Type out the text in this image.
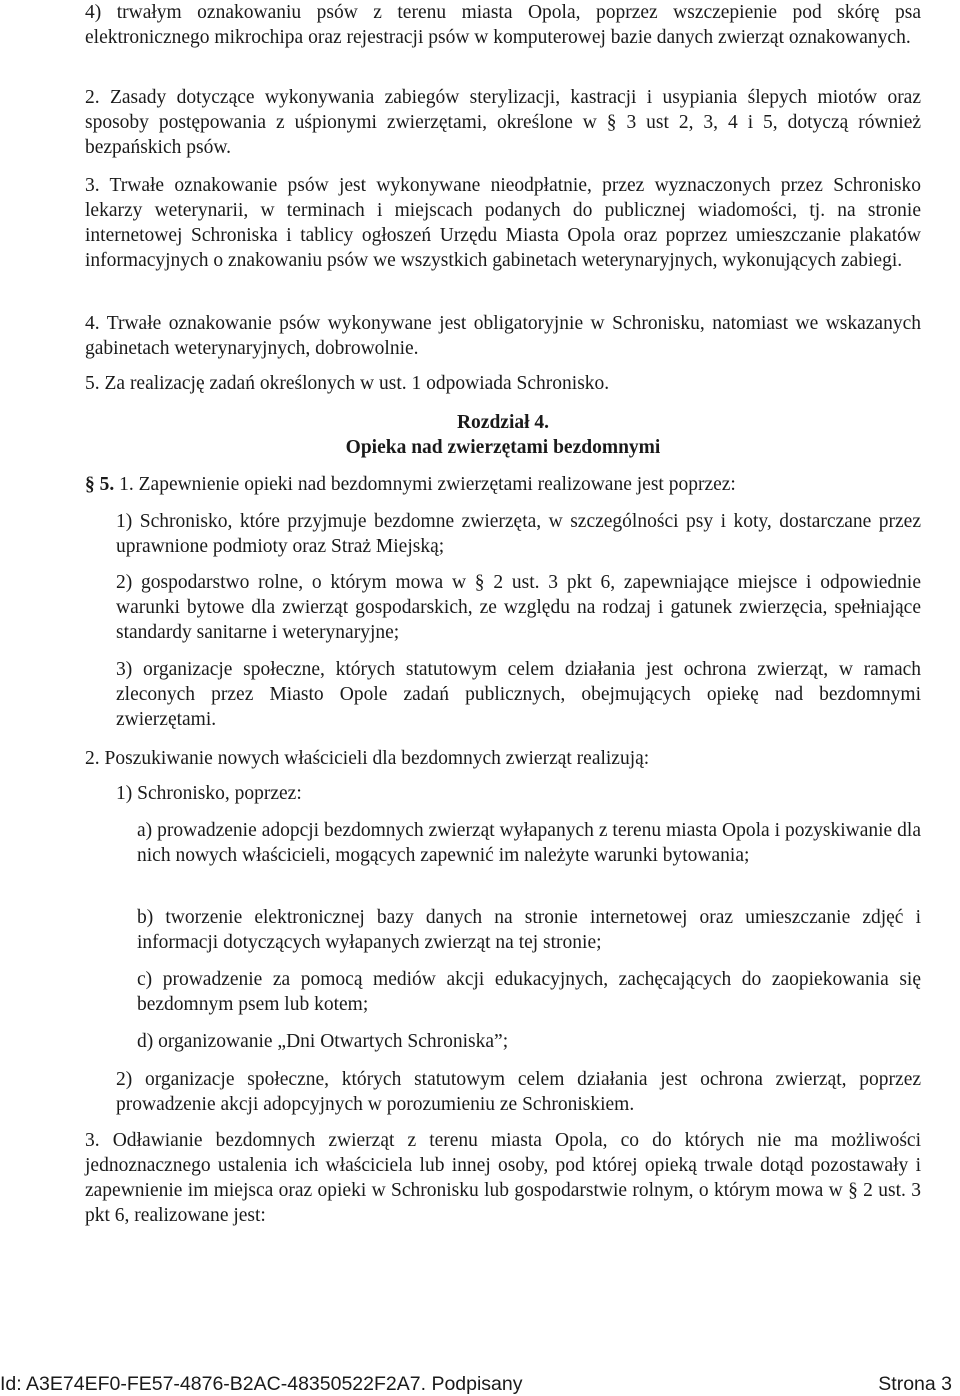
4) trwałym oznakowaniu psów z terenu miasta Opola, poprzez wszczepienie pod skórę psa elektronicznego mikrochipa oraz rejestracji psów w komputerowej bazie danych zwierząt oznakowanych.

2. Zasady dotyczące wykonywania zabiegów sterylizacji, kastracji i usypiania ślepych miotów oraz sposoby postępowania z uśpionymi zwierzętami, określone w § 3 ust 2, 3, 4 i 5, dotyczą również bezpańskich psów.

3. Trwałe oznakowanie psów jest wykonywane nieodpłatnie, przez wyznaczonych przez Schronisko lekarzy weterynarii, w terminach i miejscach podanych do publicznej wiadomości, tj. na stronie internetowej Schroniska i tablicy ogłoszeń Urzędu Miasta Opola oraz poprzez umieszczanie plakatów informacyjnych o znakowaniu psów we wszystkich gabinetach weterynaryjnych, wykonujących zabiegi.

4. Trwałe oznakowanie psów wykonywane jest obligatoryjnie w Schronisku, natomiast we wskazanych gabinetach weterynaryjnych, dobrowolnie.

5. Za realizację zadań określonych w ust. 1 odpowiada Schronisko.

Rozdział 4.

Opieka nad zwierzętami bezdomnymi

§ 5. 1. Zapewnienie opieki nad bezdomnymi zwierzętami realizowane jest poprzez:

1) Schronisko, które przyjmuje bezdomne zwierzęta, w szczególności psy i koty, dostarczane przez uprawnione podmioty oraz Straż Miejską;

2) gospodarstwo rolne, o którym mowa w § 2 ust. 3 pkt 6, zapewniające miejsce i odpowiednie warunki bytowe dla zwierząt gospodarskich, ze względu na rodzaj i gatunek zwierzęcia, spełniające standardy sanitarne i weterynaryjne;

3) organizacje społeczne, których statutowym celem działania jest ochrona zwierząt, w ramach zleconych przez Miasto Opole zadań publicznych, obejmujących opiekę nad bezdomnymi zwierzętami.

2. Poszukiwanie nowych właścicieli dla bezdomnych zwierząt realizują:

1) Schronisko, poprzez:

a) prowadzenie adopcji bezdomnych zwierząt wyłapanych z terenu miasta Opola i pozyskiwanie dla nich nowych właścicieli, mogących zapewnić im należyte warunki bytowania;

b) tworzenie elektronicznej bazy danych na stronie internetowej oraz umieszczanie zdjęć i informacji dotyczących wyłapanych zwierząt na tej stronie;

c) prowadzenie za pomocą mediów akcji edukacyjnych, zachęcających do zaopiekowania się bezdomnym psem lub kotem;

d) organizowanie „Dni Otwartych Schroniska”;

2) organizacje społeczne, których statutowym celem działania jest ochrona zwierząt, poprzez prowadzenie akcji adopcyjnych w porozumieniu ze Schroniskiem.

3. Odławianie bezdomnych zwierząt z terenu miasta Opola, co do których nie ma możliwości jednoznacznego ustalenia ich właściciela lub innej osoby, pod której opieką trwale dotąd pozostawały i zapewnienie im miejsca oraz opieki w Schronisku lub gospodarstwie rolnym, o którym mowa w § 2 ust. 3 pkt 6, realizowane jest:

Id: A3E74EF0-FE57-4876-B2AC-48350522F2A7. Podpisany	Strona 3
